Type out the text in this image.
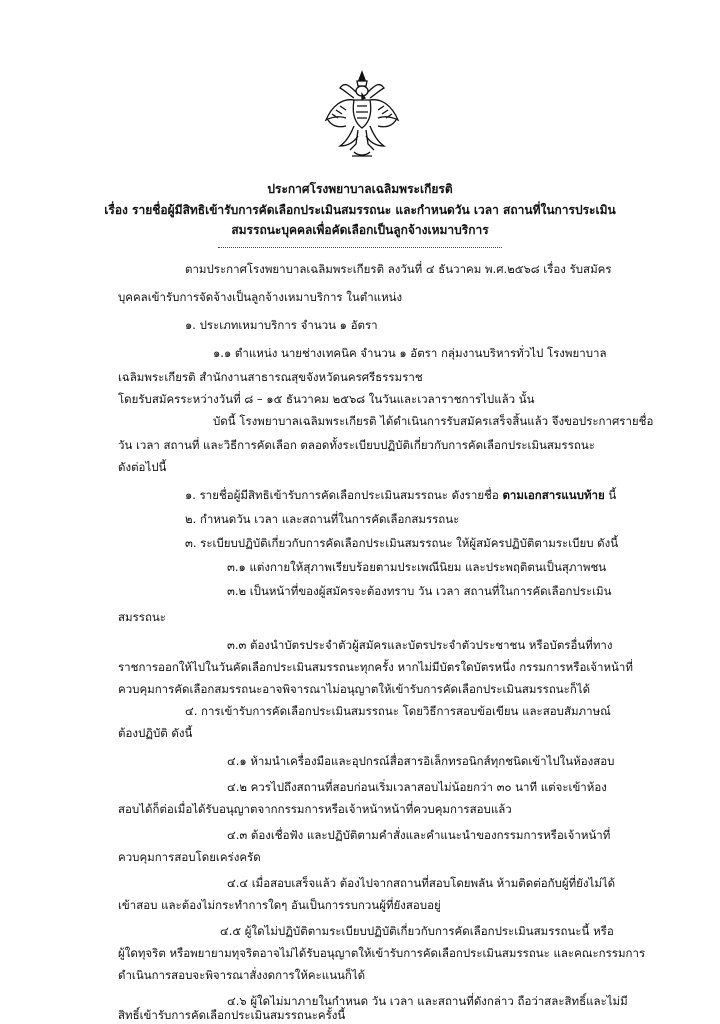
ประกาศโรงพยาบาลเฉลิมพระเกียรติ
เรื่อง รายชื่อผู้มีสิทธิเข้ารับการคัดเลือกประเมินสมรรถนะ และกำหนดวัน เวลา สถานที่ในการประเมิน
สมรรถนะบุคคลเพื่อคัดเลือกเป็นลูกจ้างเหมาบริการ
ตามประกาศโรงพยาบาลเฉลิมพระเกียรติ ลงวันที่ ๔ ธันวาคม พ.ศ.๒๕๖๘ เรื่อง รับสมัคร
บุคคลเข้ารับการจัดจ้างเป็นลูกจ้างเหมาบริการ ในตำแหน่ง
๑. ประเภทเหมาบริการ จำนวน ๑ อัตรา
๑.๑ ตำแหน่ง นายช่างเทคนิค จำนวน ๑ อัตรา กลุ่มงานบริหารทั่วไป โรงพยาบาล
เฉลิมพระเกียรติ สำนักงานสาธารณสุขจังหวัดนครศรีธรรมราช
โดยรับสมัครระหว่างวันที่ ๘ – ๑๕ ธันวาคม ๒๕๖๘ ในวันและเวลาราชการไปแล้ว นั้น
บัดนี้ โรงพยาบาลเฉลิมพระเกียรติ ได้ดำเนินการรับสมัครเสร็จสิ้นแล้ว จึงขอประกาศรายชื่อ
วัน เวลา สถานที่ และวิธีการคัดเลือก ตลอดทั้งระเบียบปฏิบัติเกี่ยวกับการคัดเลือกประเมินสมรรถนะ
ดังต่อไปนี้
๑. รายชื่อผู้มีสิทธิเข้ารับการคัดเลือกประเมินสมรรถนะ ดังรายชื่อ ตามเอกสารแนบท้าย นี้
๒. กำหนดวัน เวลา และสถานที่ในการคัดเลือกสมรรถนะ
๓. ระเบียบปฏิบัติเกี่ยวกับการคัดเลือกประเมินสมรรถนะ ให้ผู้สมัครปฏิบัติตามระเบียบ ดังนี้
๓.๑ แต่งกายให้สุภาพเรียบร้อยตามประเพณีนิยม และประพฤติตนเป็นสุภาพชน
๓.๒ เป็นหน้าที่ของผู้สมัครจะต้องทราบ วัน เวลา สถานที่ในการคัดเลือกประเมิน
สมรรถนะ
๓.๓ ต้องนำบัตรประจำตัวผู้สมัครและบัตรประจำตัวประชาชน หรือบัตรอื่นที่ทาง
ราชการออกให้ไปในวันคัดเลือกประเมินสมรรถนะทุกครั้ง หากไม่มีบัตรใดบัตรหนึ่ง กรรมการหรือเจ้าหน้าที่
ควบคุมการคัดเลือกสมรรถนะอาจพิจารณาไม่อนุญาตให้เข้ารับการคัดเลือกประเมินสมรรถนะก็ได้
๔. การเข้ารับการคัดเลือกประเมินสมรรถนะ โดยวิธีการสอบข้อเขียน และสอบสัมภาษณ์
ต้องปฏิบัติ ดังนี้
๔.๑ ห้ามนำเครื่องมือและอุปกรณ์สื่อสารอิเล็กทรอนิกส์ทุกชนิดเข้าไปในห้องสอบ
๔.๒ ควรไปถึงสถานที่สอบก่อนเริ่มเวลาสอบไม่น้อยกว่า ๓๐ นาที แต่จะเข้าห้อง
สอบได้ก็ต่อเมื่อได้รับอนุญาตจากกรรมการหรือเจ้าหน้าหน้าที่ควบคุมการสอบแล้ว
๔.๓ ต้องเชื่อฟัง และปฏิบัติตามคำสั่งและคำแนะนำของกรรมการหรือเจ้าหน้าที่
ควบคุมการสอบโดยเคร่งครัด
๔.๔ เมื่อสอบเสร็จแล้ว ต้องไปจากสถานที่สอบโดยพลัน ห้ามติดต่อกับผู้ที่ยังไม่ได้
เข้าสอบ และต้องไม่กระทำการใดๆ อันเป็นการรบกวนผู้ที่ยังสอบอยู่
๔.๕ ผู้ใดไม่ปฏิบัติตามระเบียบปฏิบัติเกี่ยวกับการคัดเลือกประเมินสมรรถนะนี้ หรือ
ผู้ใดทุจริต หรือพยายามทุจริตอาจไม่ได้รับอนุญาตให้เข้ารับการคัดเลือกประเมินสมรรถนะ และคณะกรรมการ
ดำเนินการสอบจะพิจารณาสั่งงดการให้คะแนนก็ได้
๔.๖ ผู้ใดไม่มาภายในกำหนด วัน เวลา และสถานที่ดังกล่าว ถือว่าสละสิทธิ์และไม่มี
สิทธิ์เข้ารับการคัดเลือกประเมินสมรรถนะครั้งนี้
